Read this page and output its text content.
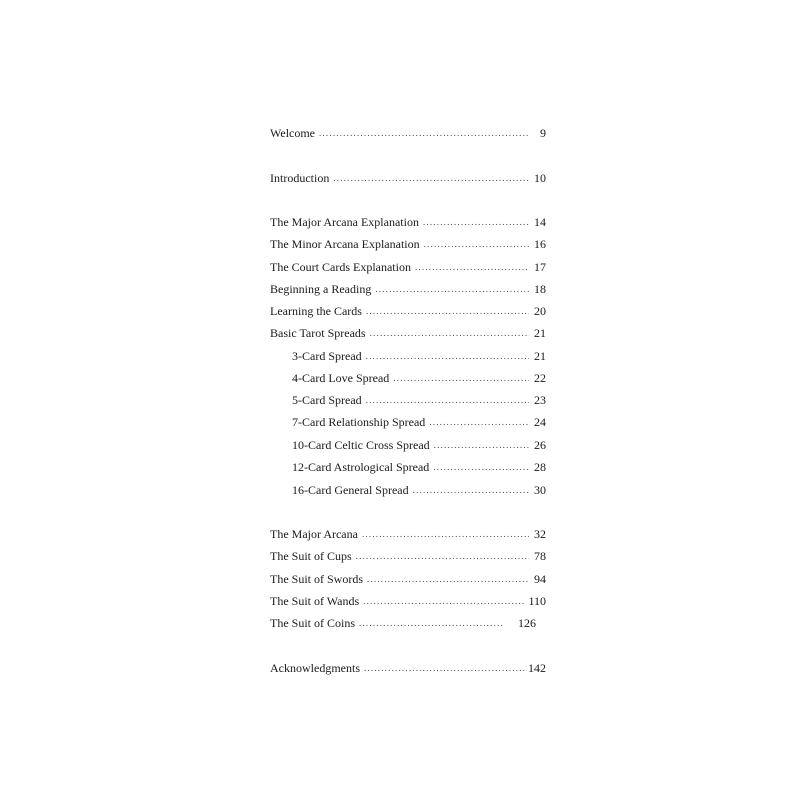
Welcome .....	9
Introduction .....	10
The Major Arcana Explanation .....	14
The Minor Arcana Explanation .....	16
The Court Cards Explanation .....	17
Beginning a Reading .....	18
Learning the Cards .....	20
Basic Tarot Spreads .....	21
3-Card Spread .....	21
4-Card Love Spread .....	22
5-Card Spread .....	23
7-Card Relationship Spread .....	24
10-Card Celtic Cross Spread .....	26
12-Card Astrological Spread .....	28
16-Card General Spread .....	30
The Major Arcana .....	32
The Suit of Cups .....	78
The Suit of Swords .....	94
The Suit of Wands .....	110
The Suit of Coins .....	126
Acknowledgments .....	142
